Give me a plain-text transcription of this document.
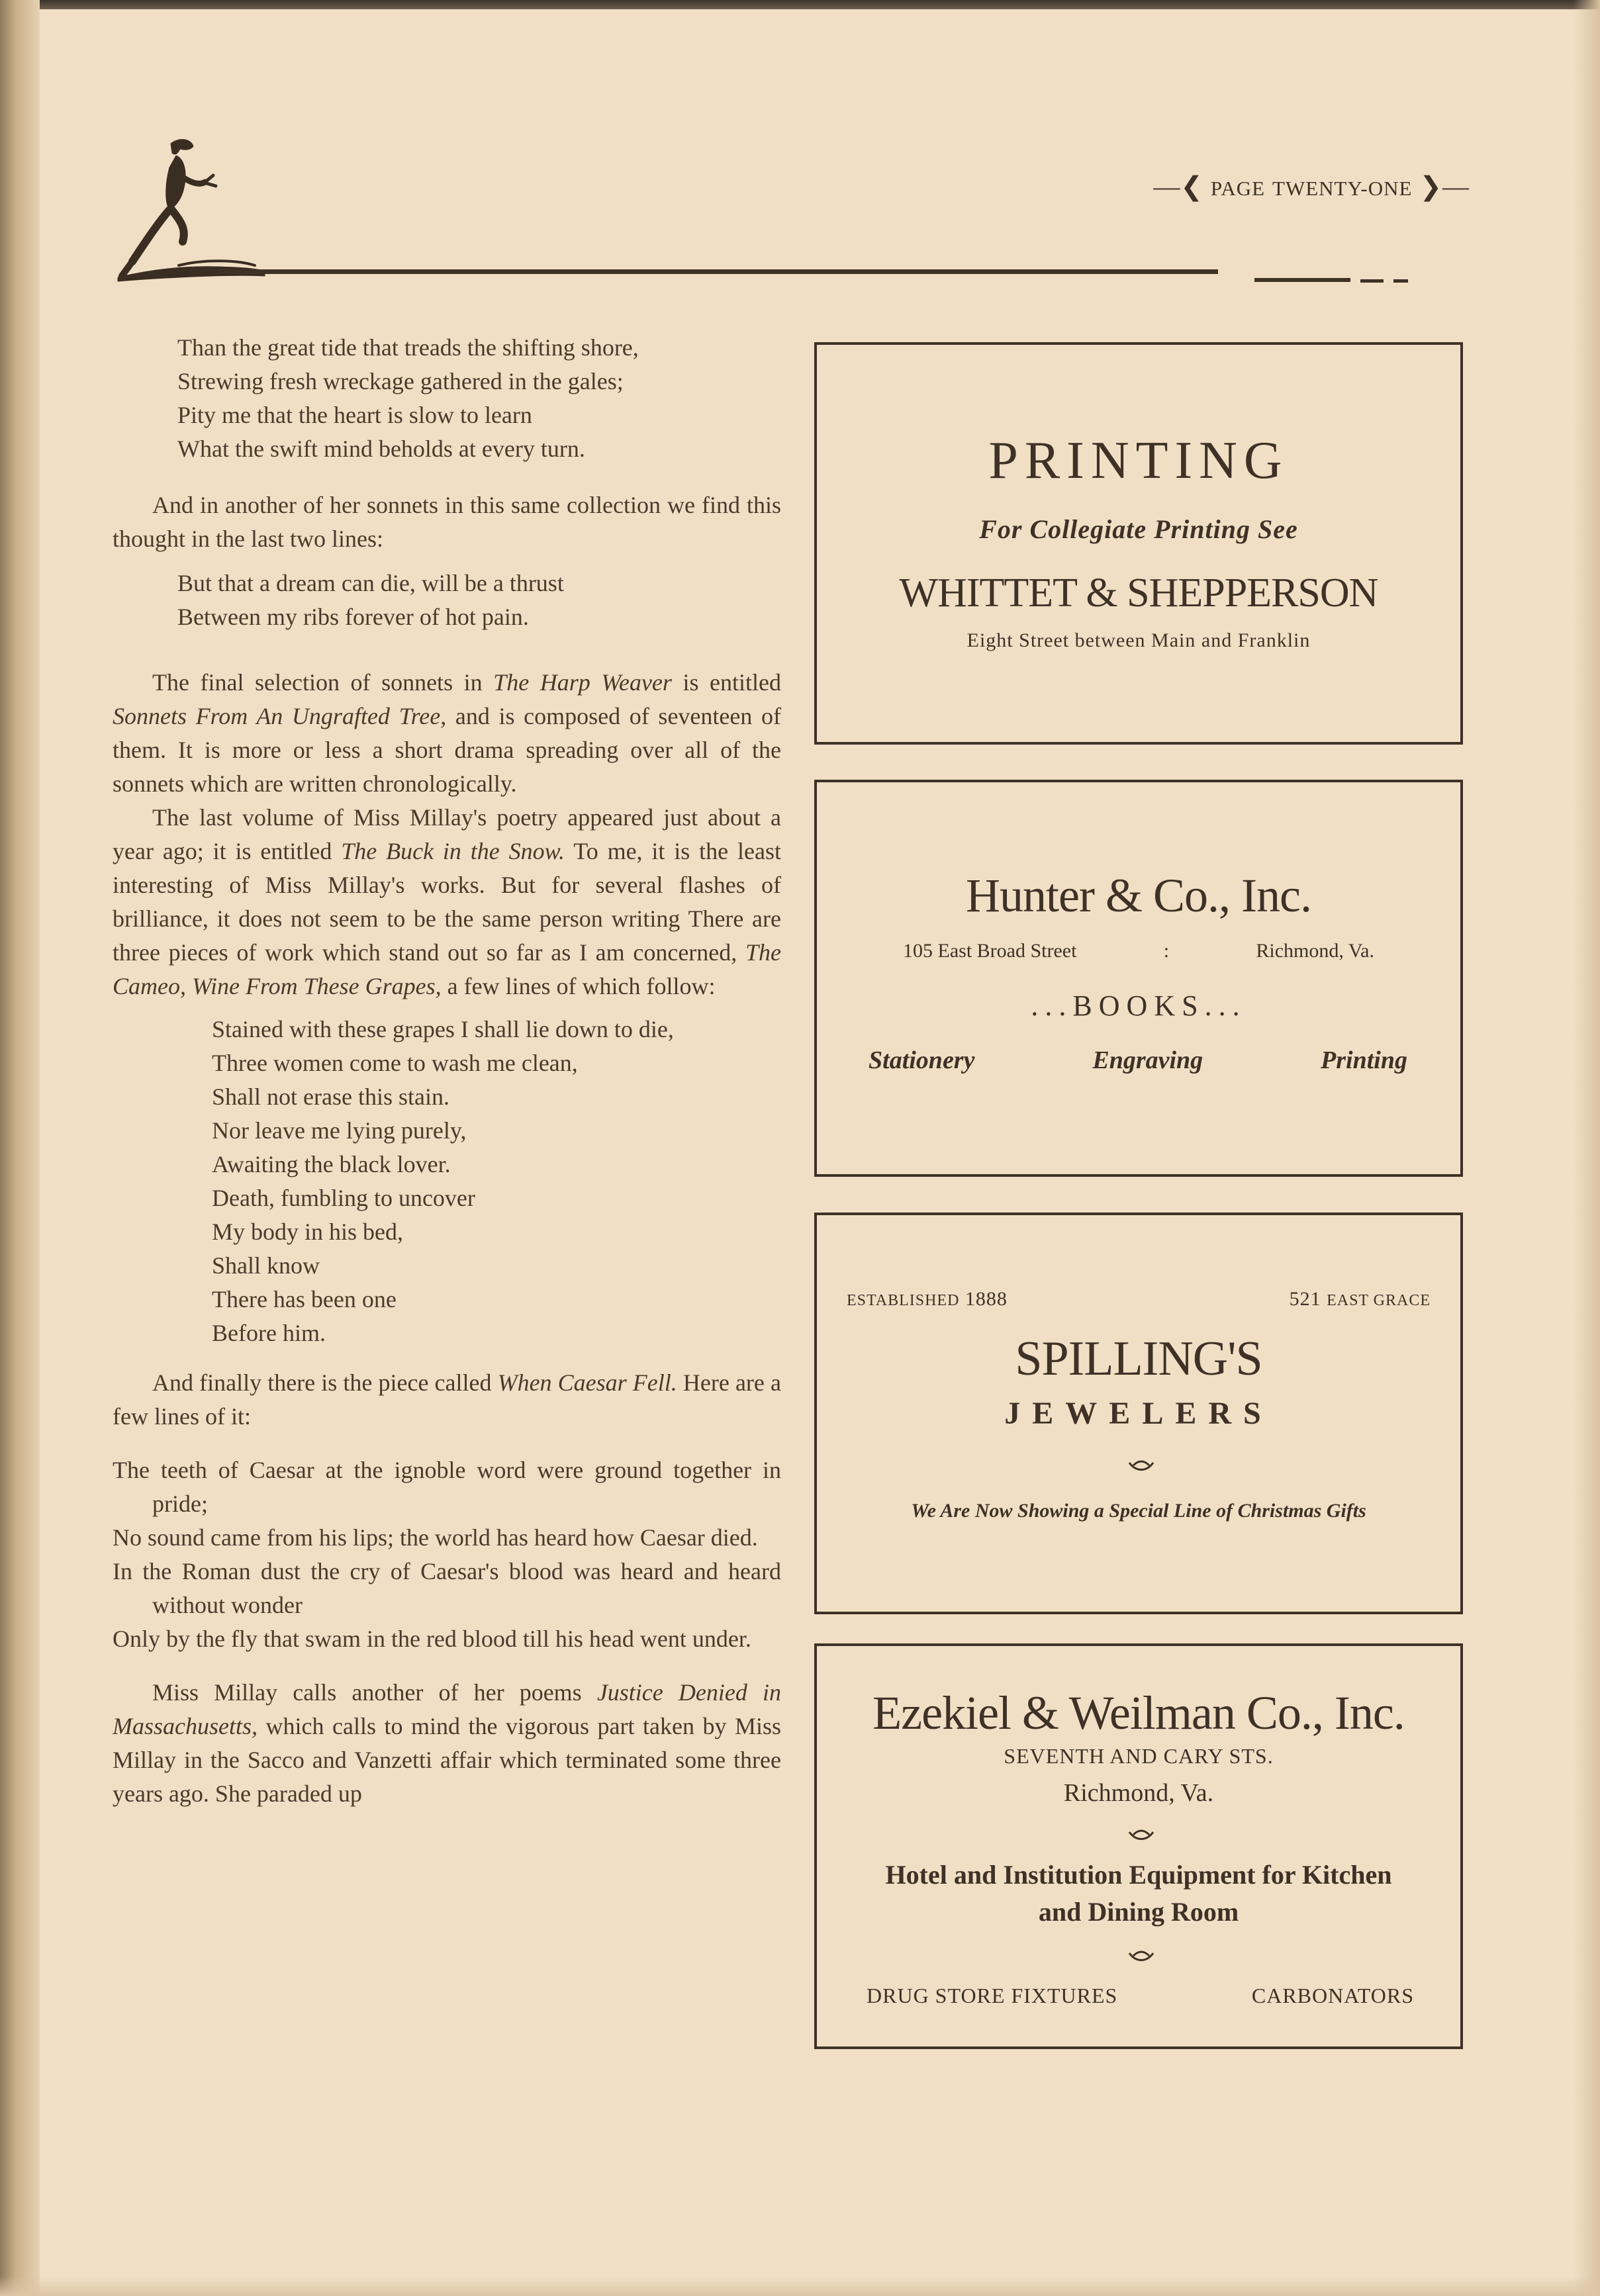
—❮ PAGE TWENTY-ONE ❯—
Than the great tide that treads the shifting shore,
Strewing fresh wreckage gathered in the gales;
Pity me that the heart is slow to learn
What the swift mind beholds at every turn.

And in another of her sonnets in this same collection we find this thought in the last two lines:

But that a dream can die, will be a thrust
Between my ribs forever of hot pain.

The final selection of sonnets in The Harp Weaver is entitled Sonnets From An Ungrafted Tree, and is composed of seventeen of them. It is more or less a short drama spreading over all of the sonnets which are written chronologically.

The last volume of Miss Millay's poetry appeared just about a year ago; it is entitled The Buck in the Snow. To me, it is the least interesting of Miss Millay's works. But for several flashes of brilliance, it does not seem to be the same person writing There are three pieces of work which stand out so far as I am concerned, The Cameo, Wine From These Grapes, a few lines of which follow:

Stained with these grapes I shall lie down to die,
Three women come to wash me clean,
Shall not erase this stain.
Nor leave me lying purely,
Awaiting the black lover.
Death, fumbling to uncover
My body in his bed,
Shall know
There has been one
Before him.

And finally there is the piece called When Caesar Fell. Here are a few lines of it:

The teeth of Caesar at the ignoble word were ground together in pride;
No sound came from his lips; the world has heard how Caesar died.
In the Roman dust the cry of Caesar's blood was heard and heard without wonder
Only by the fly that swam in the red blood till his head went under.

Miss Millay calls another of her poems Justice Denied in Massachusetts, which calls to mind the vigorous part taken by Miss Millay in the Sacco and Vanzetti affair which terminated some three years ago. She paraded up

PRINTING
For Collegiate Printing See
WHITTET & SHEPPERSON
Eight Street between Main and Franklin
Hunter & Co., Inc.
105 East Broad Street	:	Richmond, Va.
...BOOKS...
Stationery	Engraving	Printing
ESTABLISHED 1888	521 EAST GRACE
SPILLING'S
JEWELERS
We Are Now Showing a Special Line of Christmas Gifts
Ezekiel & Weilman Co., Inc.
SEVENTH AND CARY STS.
Richmond, Va.
Hotel and Institution Equipment for Kitchen
and Dining Room
DRUG STORE FIXTURES	CARBONATORS
